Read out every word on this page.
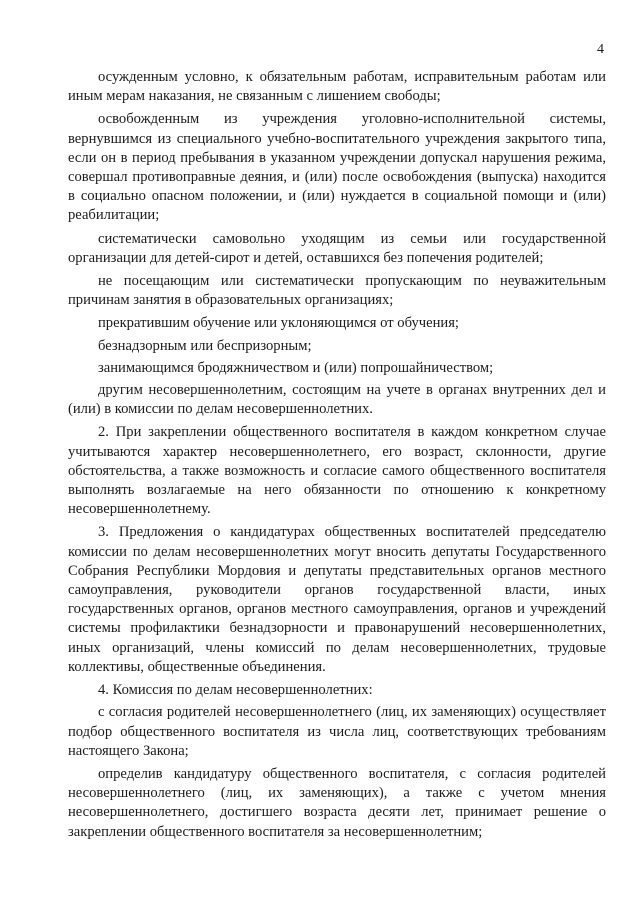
4

осужденным условно, к обязательным работам, исправительным работам или иным мерам наказания, не связанным с лишением свободы;

освобожденным из учреждения уголовно-исполнительной системы, вернувшимся из специального учебно-воспитательного учреждения закрытого типа, если он в период пребывания в указанном учреждении допускал нарушения режима, совершал противоправные деяния, и (или) после освобождения (выпуска) находится в социально опасном положении, и (или) нуждается в социальной помощи и (или) реабилитации;

систематически самовольно уходящим из семьи или государственной организации для детей-сирот и детей, оставшихся без попечения родителей;

не посещающим или систематически пропускающим по неуважительным причинам занятия в образовательных организациях;

прекратившим обучение или уклоняющимся от обучения;

безнадзорным или беспризорным;

занимающимся бродяжничеством и (или) попрошайничеством;

другим несовершеннолетним, состоящим на учете в органах внутренних дел и (или) в комиссии по делам несовершеннолетних.

2. При закреплении общественного воспитателя в каждом конкретном случае учитываются характер несовершеннолетнего, его возраст, склонности, другие обстоятельства, а также возможность и согласие самого общественного воспитателя выполнять возлагаемые на него обязанности по отношению к конкретному несовершеннолетнему.

3. Предложения о кандидатурах общественных воспитателей председателю комиссии по делам несовершеннолетних могут вносить депутаты Государственного Собрания Республики Мордовия и депутаты представительных органов местного самоуправления, руководители органов государственной власти, иных государственных органов, органов местного самоуправления, органов и учреждений системы профилактики безнадзорности и правонарушений несовершеннолетних, иных организаций, члены комиссий по делам несовершеннолетних, трудовые коллективы, общественные объединения.

4. Комиссия по делам несовершеннолетних:

с согласия родителей несовершеннолетнего (лиц, их заменяющих) осуществляет подбор общественного воспитателя из числа лиц, соответствующих требованиям настоящего Закона;

определив кандидатуру общественного воспитателя, с согласия родителей несовершеннолетнего (лиц, их заменяющих), а также с учетом мнения несовершеннолетнего, достигшего возраста десяти лет, принимает решение о закреплении общественного воспитателя за несовершеннолетним;
